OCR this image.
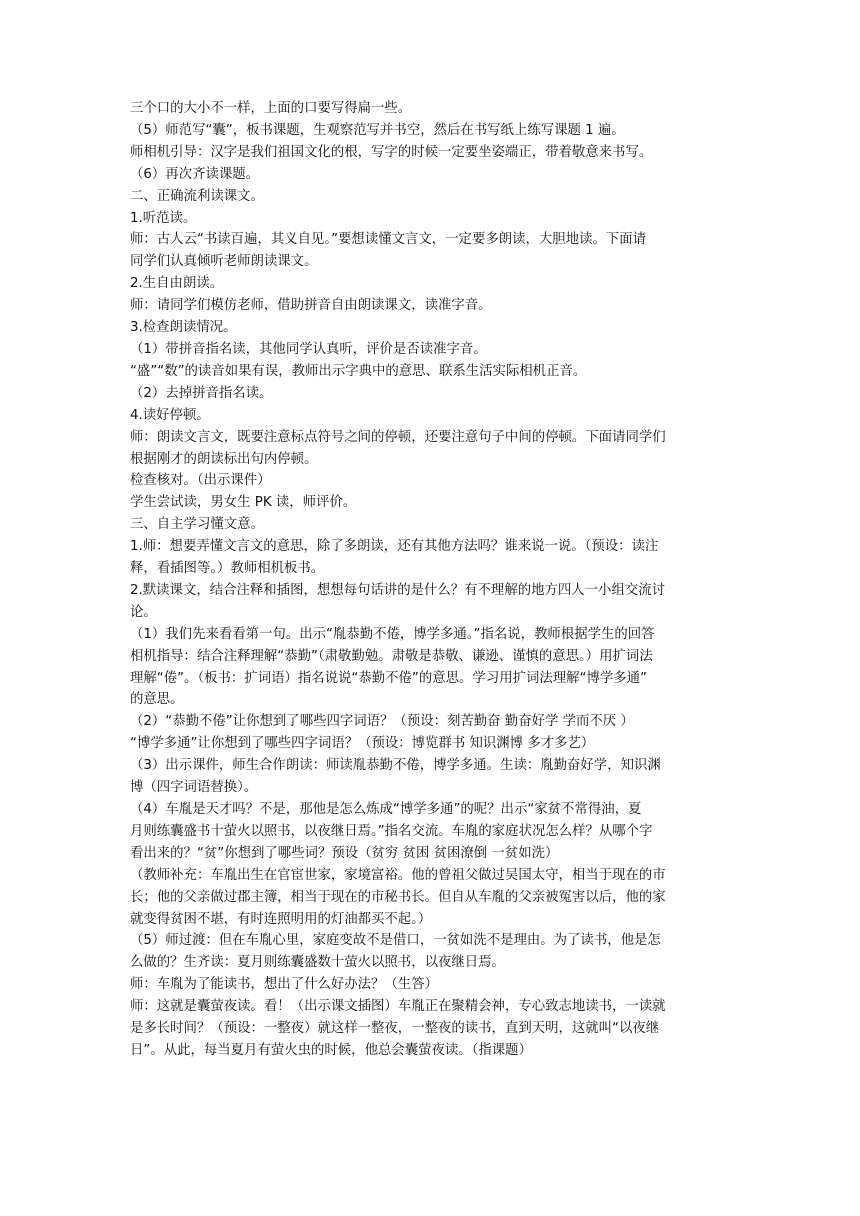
三个口的大小不一样，上面的口要写得扁一些。
（5）师范写“囊”，板书课题，生观察范写并书空，然后在书写纸上练写课题 1 遍。
师相机引导：汉字是我们祖国文化的根，写字的时候一定要坐姿端正，带着敬意来书写。
（6）再次齐读课题。
二、正确流利读课文。
1.听范读。
师：古人云“书读百遍，其义自见。”要想读懂文言文，一定要多朗读，大胆地读。下面请
同学们认真倾听老师朗读课文。
2.生自由朗读。
师：请同学们模仿老师，借助拼音自由朗读课文，读准字音。
3.检查朗读情况。
（1）带拼音指名读，其他同学认真听，评价是否读准字音。
“盛”“数”的读音如果有误，教师出示字典中的意思、联系生活实际相机正音。
（2）去掉拼音指名读。
4.读好停顿。
师：朗读文言文，既要注意标点符号之间的停顿，还要注意句子中间的停顿。下面请同学们
根据刚才的朗读标出句内停顿。
检查核对。（出示课件）
学生尝试读，男女生 PK 读，师评价。
三、自主学习懂文意。
1.师：想要弄懂文言文的意思，除了多朗读，还有其他方法吗？谁来说一说。（预设：读注
释，看插图等。）教师相机板书。
2.默读课文，结合注释和插图，想想每句话讲的是什么？有不理解的地方四人一小组交流讨
论。
（1）我们先来看看第一句。出示“胤恭勤不倦，博学多通。”指名说，教师根据学生的回答
相机指导：结合注释理解“恭勤”（肃敬勤勉。肃敬是恭敬、谦逊、谨慎的意思。）用扩词法
理解“倦”。（板书：扩词语）指名说说“恭勤不倦”的意思。学习用扩词法理解“博学多通”
的意思。
（2）“恭勤不倦”让你想到了哪些四字词语？（预设：刻苦勤奋 勤奋好学 学而不厌 ）
“博学多通”让你想到了哪些四字词语？（预设：博览群书 知识渊博 多才多艺）
（3）出示课件，师生合作朗读：师读胤恭勤不倦，博学多通。生读：胤勤奋好学，知识渊
博（四字词语替换）。
（4）车胤是天才吗？不是，那他是怎么炼成“博学多通”的呢？出示“家贫不常得油，夏
月则练囊盛书十萤火以照书，以夜继日焉。”指名交流。车胤的家庭状况怎么样？从哪个字
看出来的？“贫”你想到了哪些词？预设（贫穷 贫困 贫困潦倒 一贫如洗）
（教师补充：车胤出生在官宦世家，家境富裕。他的曾祖父做过吴国太守，相当于现在的市
长；他的父亲做过郡主簿，相当于现在的市秘书长。但自从车胤的父亲被冤害以后，他的家
就变得贫困不堪，有时连照明用的灯油都买不起。）
（5）师过渡：但在车胤心里，家庭变故不是借口，一贫如洗不是理由。为了读书，他是怎
么做的？生齐读：夏月则练囊盛数十萤火以照书，以夜继日焉。
师：车胤为了能读书，想出了什么好办法？（生答）
师：这就是囊萤夜读。看！（出示课文插图）车胤正在聚精会神，专心致志地读书，一读就
是多长时间？（预设：一整夜）就这样一整夜，一整夜的读书，直到天明，这就叫“以夜继
日”。从此，每当夏月有萤火虫的时候，他总会囊萤夜读。（指课题）
